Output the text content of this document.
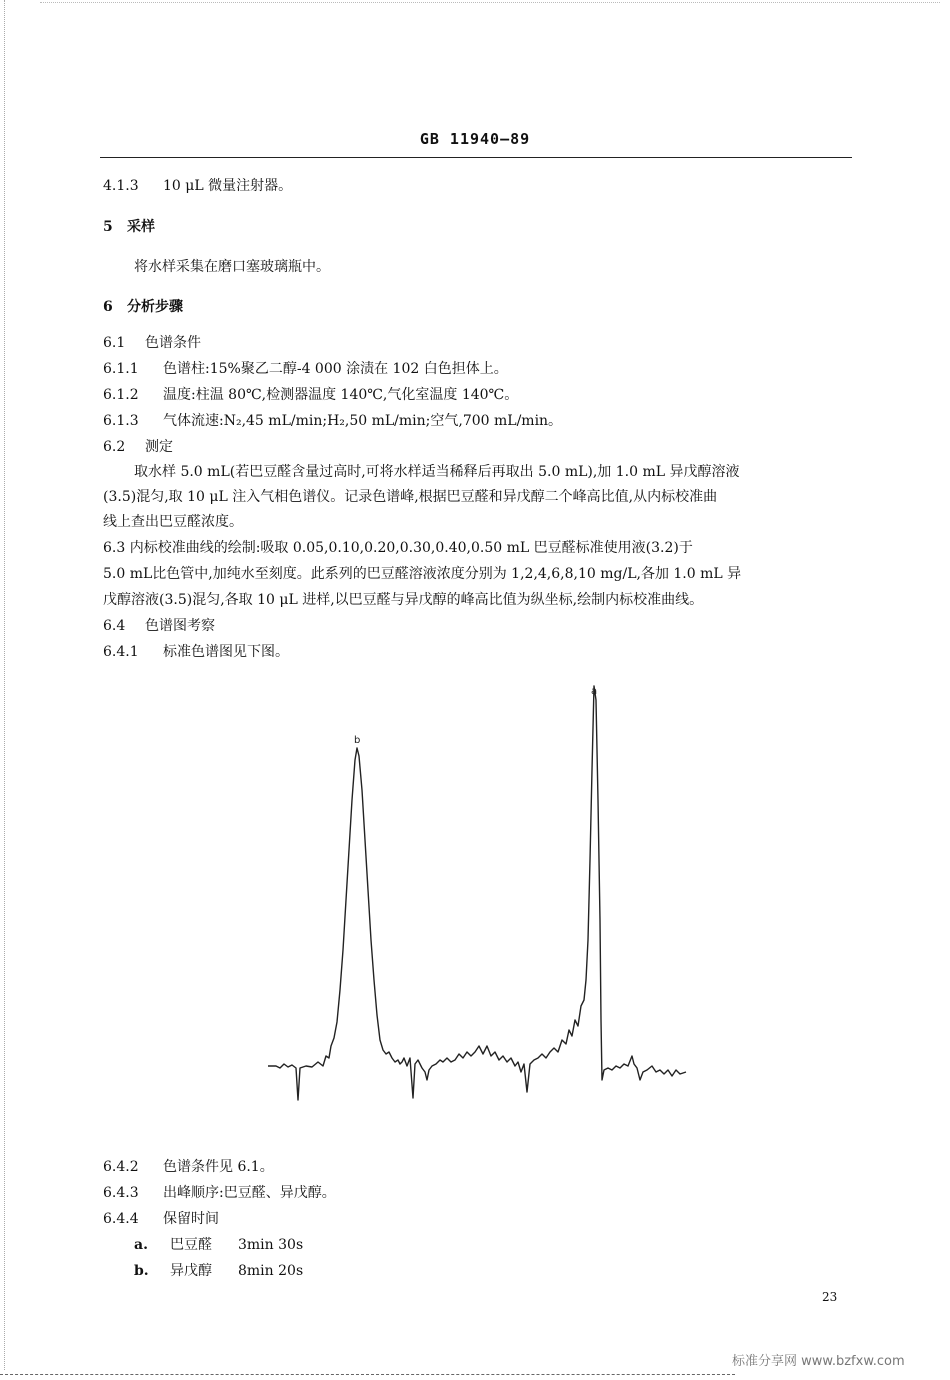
GB 11940—89
4.1.3 10 μL 微量注射器。
5 采样
将水样采集在磨口塞玻璃瓶中。
6 分析步骤
6.1 色谱条件
6.1.1 色谱柱:15%聚乙二醇-4 000 涂渍在 102 白色担体上。
6.1.2 温度:柱温 80℃,检测器温度 140℃,气化室温度 140℃。
6.1.3 气体流速:N₂,45 mL/min;H₂,50 mL/min;空气,700 mL/min。
6.2 测定
取水样 5.0 mL(若巴豆醛含量过高时,可将水样适当稀释后再取出 5.0 mL),加 1.0 mL 异戊醇溶液
(3.5)混匀,取 10 μL 注入气相色谱仪。记录色谱峰,根据巴豆醛和异戊醇二个峰高比值,从内标校准曲
线上查出巴豆醛浓度。
6.3 内标校准曲线的绘制:吸取 0.05,0.10,0.20,0.30,0.40,0.50 mL 巴豆醛标准使用液(3.2)于
5.0 mL比色管中,加纯水至刻度。此系列的巴豆醛溶液浓度分别为 1,2,4,6,8,10 mg/L,各加 1.0 mL 异
戊醇溶液(3.5)混匀,各取 10 μL 进样,以巴豆醛与异戊醇的峰高比值为纵坐标,绘制内标校准曲线。
6.4 色谱图考察
6.4.1 标准色谱图见下图。
b
a
6.4.2 色谱条件见 6.1。
6.4.3 出峰顺序:巴豆醛、异戊醇。
6.4.4 保留时间
a. 巴豆醛 3min 30s
b. 异戊醇 8min 20s
23
标准分享网 www.bzfxw.com
